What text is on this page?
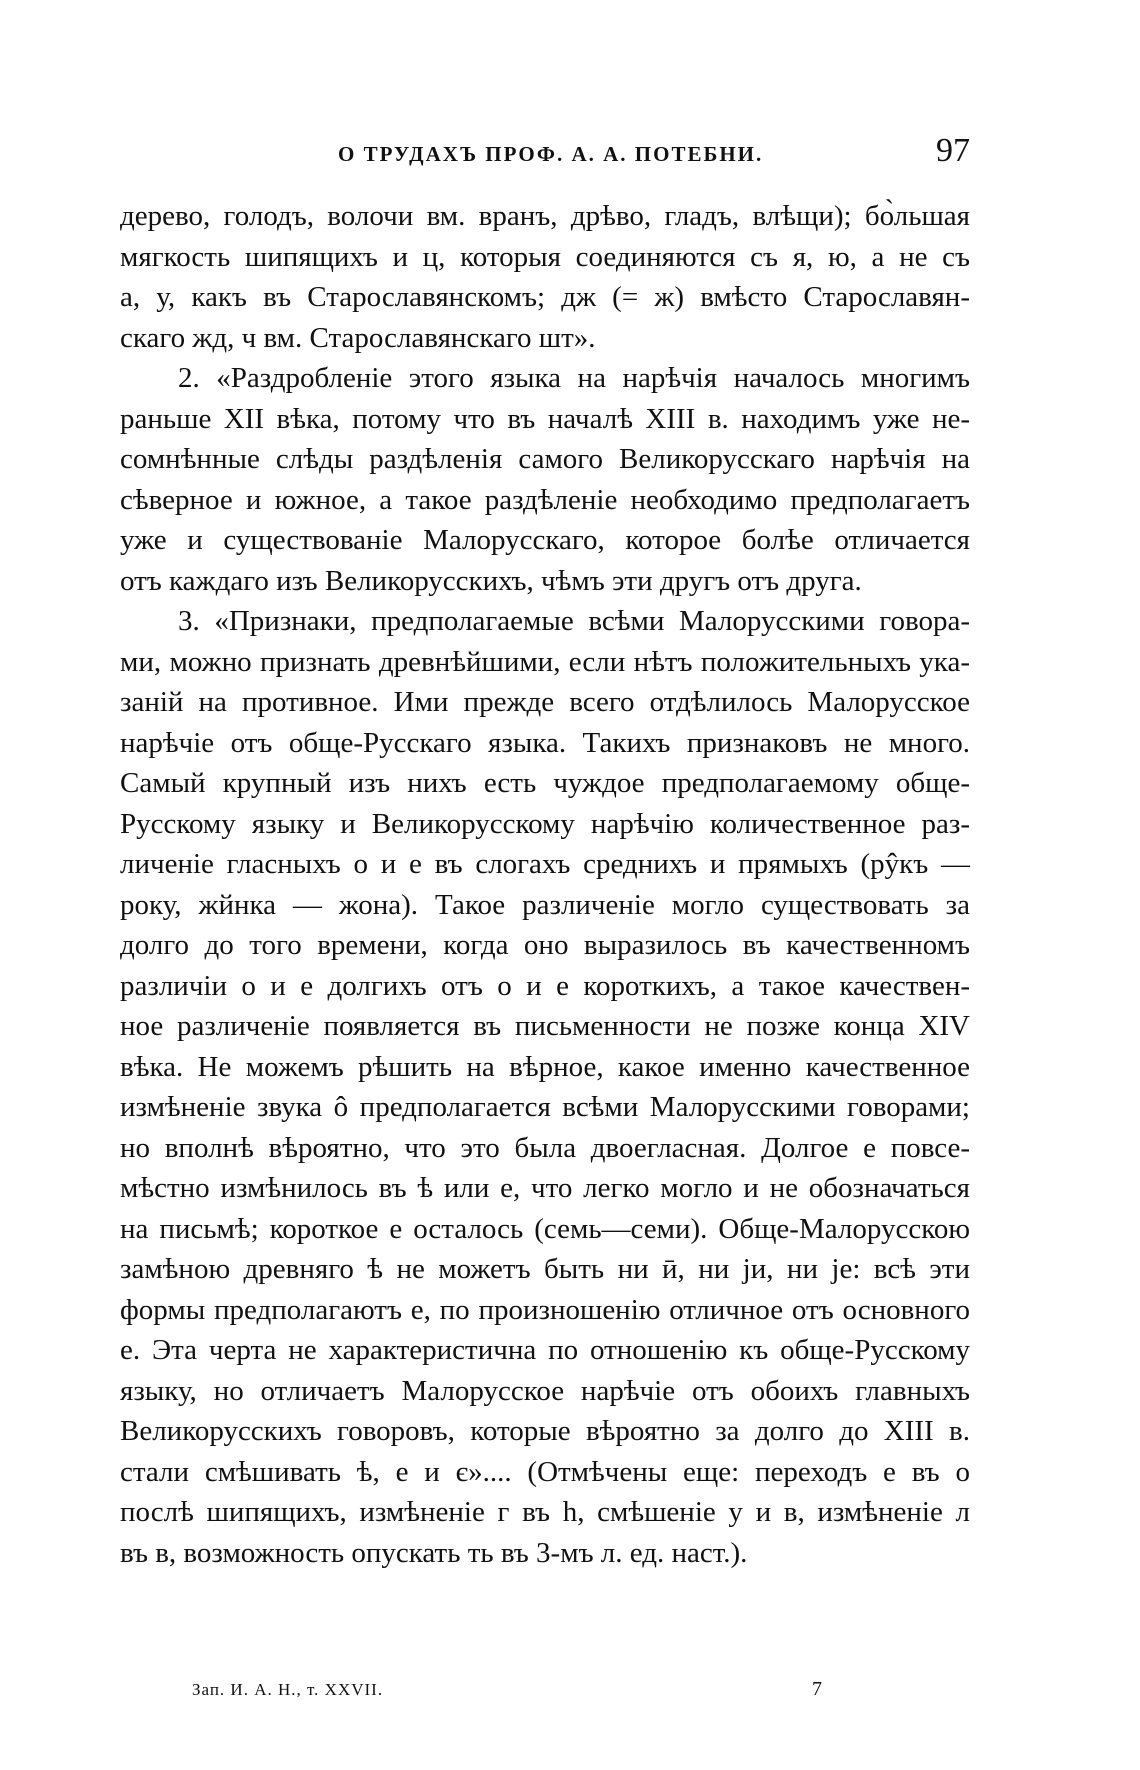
О ТРУДАХЪ ПРОФ. А. А. ПОТЕБНИ.	97

дерево, голодъ, волочи вм. вранъ, дрѣво, гладъ, влѣщи); бо̀льшая
мягкость шипящихъ и ц, которыя соединяются съ я, ю, а не съ
а, у, какъ въ Старославянскомъ; дж (= ж) вмѣсто Старославян-
скаго жд, ч вм. Старославянскаго шт».

2. «Раздробленіе этого языка на нарѣчія началось многимъ
раньше XII вѣка, потому что въ началѣ XIII в. находимъ уже не-
сомнѣнные слѣды раздѣленія самого Великорусскаго нарѣчія на
сѣверное и южное, а такое раздѣленіе необходимо предполагаетъ
уже и существованіе Малорусскаго, которое болѣе отличается
отъ каждаго изъ Великорусскихъ, чѣмъ эти другъ отъ друга.

3. «Признаки, предполагаемые всѣми Малорусскими говора-
ми, можно признать древнѣйшими, если нѣтъ положительныхъ ука-
заній на противное. Ими прежде всего отдѣлилось Малорусское
нарѣчіе отъ обще-Русскаго языка. Такихъ признаковъ не много.
Самый крупный изъ нихъ есть чуждое предполагаемому обще-
Русскому языку и Великорусскому нарѣчію количественное раз-
личеніе гласныхъ о и е въ слогахъ среднихъ и прямыхъ (рŷкъ —
року, жйнка — жона). Такое различеніе могло существовать за
долго до того времени, когда оно выразилось въ качественномъ
различіи о и е долгихъ отъ о и е короткихъ, а такое качествен-
ное различеніе появляется въ письменности не позже конца XIV
вѣка. Не можемъ рѣшить на вѣрное, какое именно качественное
измѣненіе звука ô предполагается всѣми Малорусскими говорами;
но вполнѣ вѣроятно, что это была двоегласная. Долгое е повсе-
мѣстно измѣнилось въ ѣ или е, что легко могло и не обозначаться
на письмѣ; короткое е осталось (семь—семи). Обще-Малорусскою
замѣною древняго ѣ не можетъ быть ни ӣ, ни jи, ни jе: всѣ эти
формы предполагаютъ е, по произношенію отличное отъ основного
е. Эта черта не характеристична по отношенію къ обще-Русскому
языку, но отличаетъ Малорусское нарѣчіе отъ обоихъ главныхъ
Великорусскихъ говоровъ, которые вѣроятно за долго до XIII в.
стали смѣшивать ѣ, е и є».... (Отмѣчены еще: переходъ е въ о
послѣ шипящихъ, измѣненіе г въ h, смѣшеніе у и в, измѣненіе л
въ в, возможность опускать ть въ 3-мъ л. ед. наст.).

Зап. И. А. Н., т. XXVII.	7
